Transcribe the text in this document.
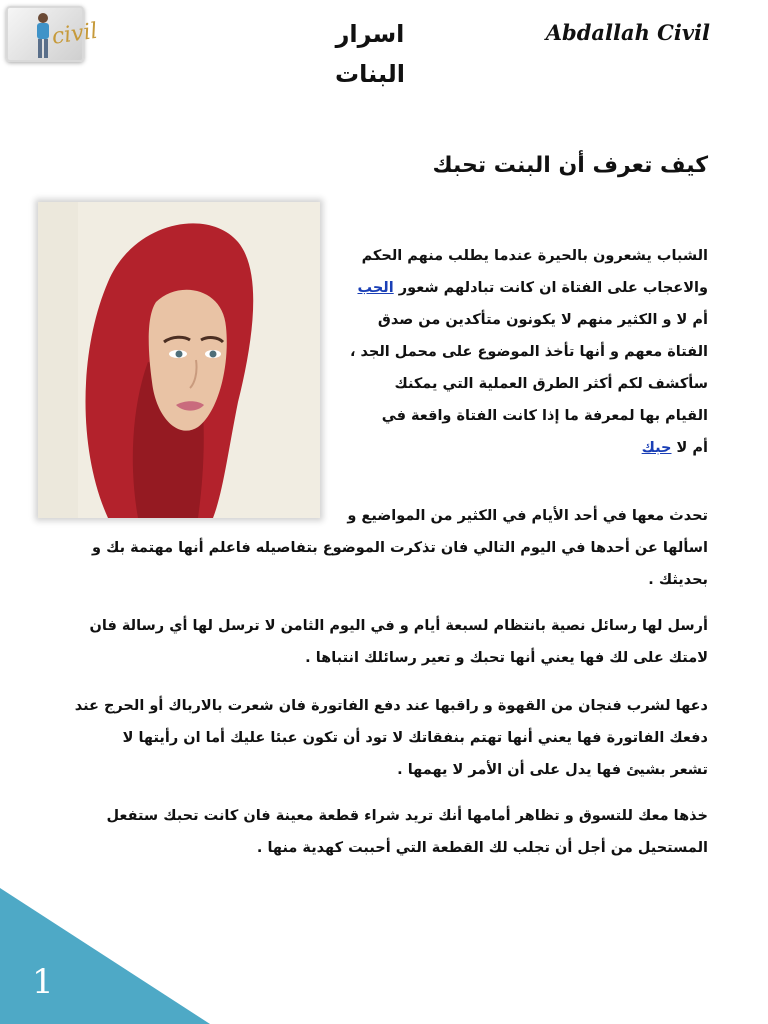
civil	اسرار البنات
Abdallah Civil
كيف تعرف أن البنت تحبك
الشباب يشعرون بالحيرة عندما يطلب منهم الحكم
والاعجاب على الفتاة ان كانت تبادلهم شعور الحب
أم لا و الكثير منهم لا يكونون متأكدين من صدق
الفتاة معهم و أنها تأخذ الموضوع على محمل الجد ،
سأكشف لكم أكثر الطرق العملية التي يمكنك
القيام بها لمعرفة ما إذا كانت الفتاة واقعة في
أم لا حبك
تحدث معها في أحد الأيام في الكثير من المواضيع و
اسألها عن أحدها في اليوم التالي فان تذكرت الموضوع بتفاصيله فاعلم أنها مهتمة بك و
بحديثك .
أرسل لها رسائل نصية بانتظام لسبعة أيام و في اليوم الثامن لا ترسل لها أي رسالة فان
لامتك على لك فها يعني أنها تحبك و تعير رسائلك انتباها .
دعها لشرب فنجان من القهوة و راقبها عند دفع الفاتورة فان شعرت بالارباك أو الحرج عند
دفعك الفاتورة فها يعني أنها تهتم بنفقاتك لا تود أن تكون عبئا عليك أما ان رأيتها لا
تشعر بشيئ فها يدل على أن الأمر لا يهمها .
خذها معك للتسوق و تظاهر أمامها أنك تريد شراء قطعة معينة فان كانت تحبك ستفعل
المستحيل من أجل أن تجلب لك القطعة التي أحببت كهدية منها .
1
